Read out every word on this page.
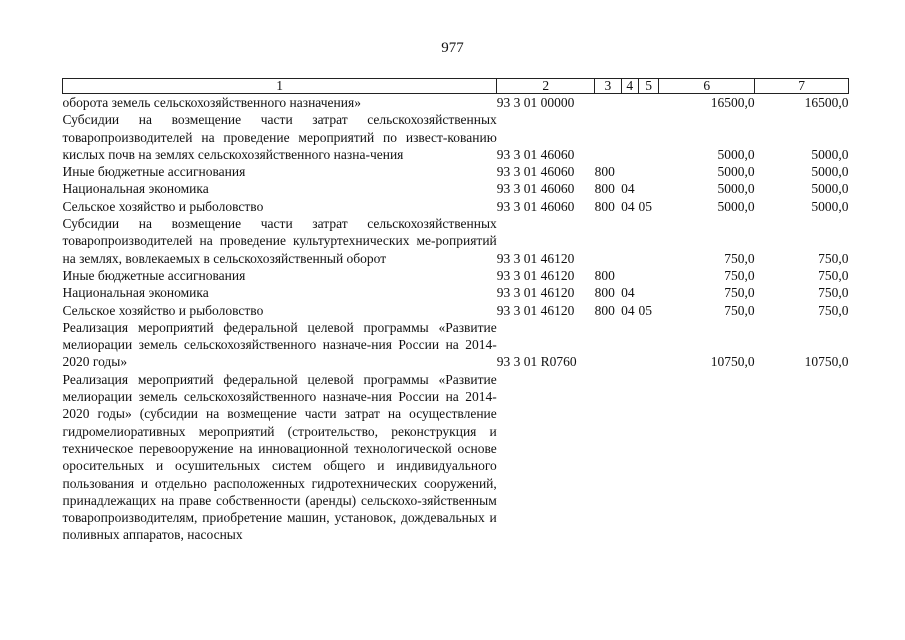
977
1	2	3	4	5	6	7
оборота земель сельскохозяйственного назначения»	93 3 01 00000				16500,0	16500,0
Субсидии на возмещение части затрат сельскохозяйственных товаропроизводителей на проведение мероприятий по извест-кованию кислых почв на землях сельскохозяйственного назна-чения	93 3 01 46060				5000,0	5000,0
Иные бюджетные ассигнования	93 3 01 46060	800			5000,0	5000,0
Национальная экономика	93 3 01 46060	800	04		5000,0	5000,0
Сельское хозяйство и рыболовство	93 3 01 46060	800	04	05	5000,0	5000,0
Субсидии на возмещение части затрат сельскохозяйственных товаропроизводителей на проведение культуртехнических ме-роприятий на землях, вовлекаемых в сельскохозяйственный оборот	93 3 01 46120				750,0	750,0
Иные бюджетные ассигнования	93 3 01 46120	800			750,0	750,0
Национальная экономика	93 3 01 46120	800	04		750,0	750,0
Сельское хозяйство и рыболовство	93 3 01 46120	800	04	05	750,0	750,0
Реализация мероприятий федеральной целевой программы «Развитие мелиорации земель сельскохозяйственного назначе-ния России на 2014-2020 годы»	93 3 01 R0760				10750,0	10750,0
Реализация мероприятий федеральной целевой программы «Развитие мелиорации земель сельскохозяйственного назначе-ния России на 2014-2020 годы» (субсидии на возмещение части затрат на осуществление гидромелиоративных мероприятий (строительство, реконструкция и техническое перевооружение на инновационной технологической основе оросительных и осушительных систем общего и индивидуального пользования и отдельно расположенных гидротехнических сооружений, принадлежащих на праве собственности (аренды) сельскохо-зяйственным товаропроизводителям, приобретение машин, установок, дождевальных и поливных аппаратов, насосных						
